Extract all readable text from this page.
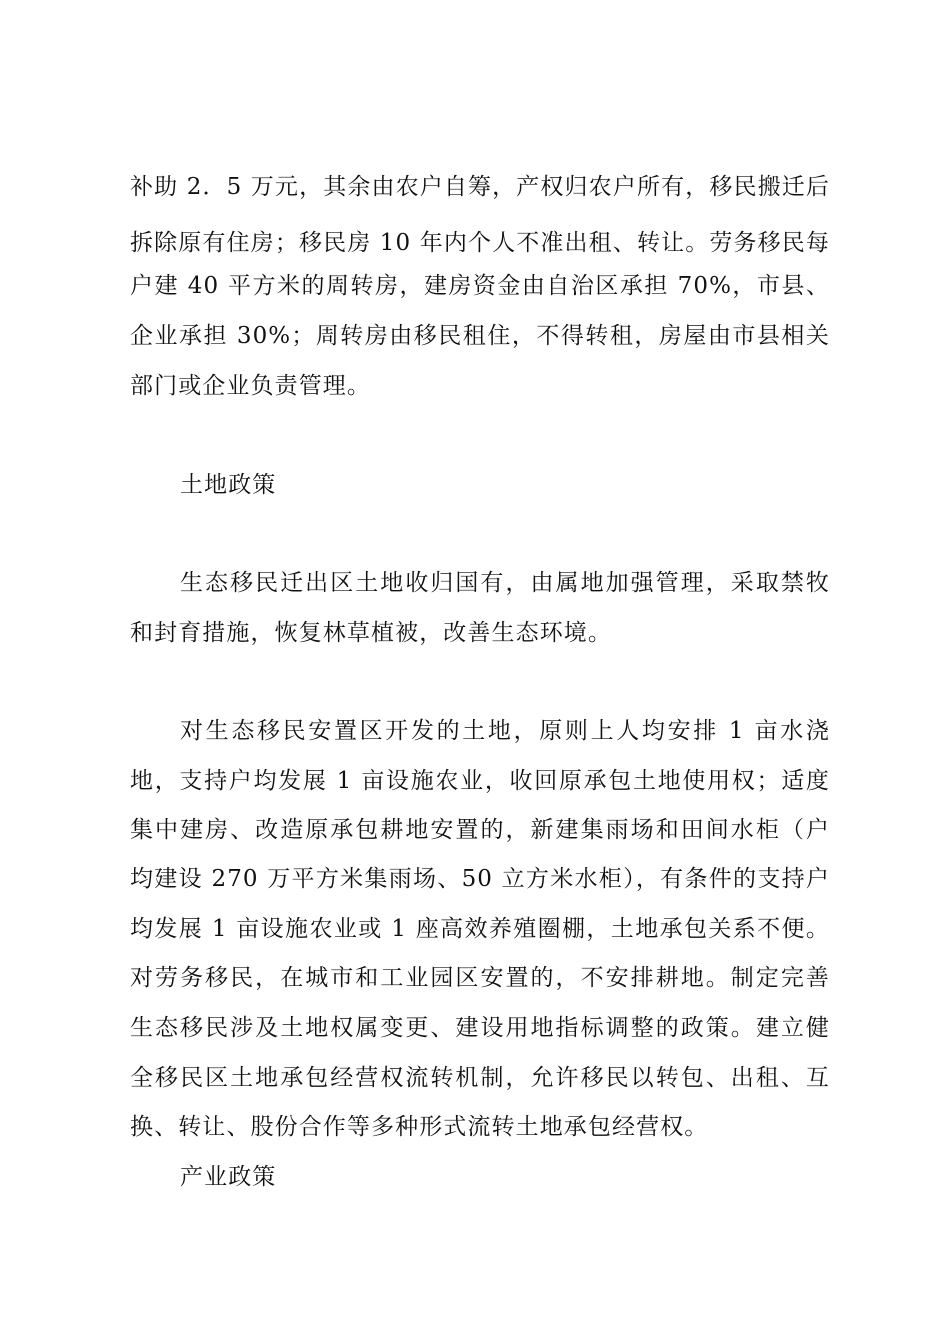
补助 2．5 万元，其余由农户自筹，产权归农户所有，移民搬迁后
拆除原有住房；移民房 10 年内个人不准出租、转让。劳务移民每
户建 40 平方米的周转房，建房资金由自治区承担 70%，市县、
企业承担 30%；周转房由移民租住，不得转租，房屋由市县相关
部门或企业负责管理。
土地政策
生态移民迁出区土地收归国有，由属地加强管理，采取禁牧
和封育措施，恢复林草植被，改善生态环境。
对生态移民安置区开发的土地，原则上人均安排 1 亩水浇
地，支持户均发展 1 亩设施农业，收回原承包土地使用权；适度
集中建房、改造原承包耕地安置的，新建集雨场和田间水柜（户
均建设 270 万平方米集雨场、50 立方米水柜），有条件的支持户
均发展 1 亩设施农业或 1 座高效养殖圈棚，土地承包关系不便。
对劳务移民，在城市和工业园区安置的，不安排耕地。制定完善
生态移民涉及土地权属变更、建设用地指标调整的政策。建立健
全移民区土地承包经营权流转机制，允许移民以转包、出租、互
换、转让、股份合作等多种形式流转土地承包经营权。
产业政策
